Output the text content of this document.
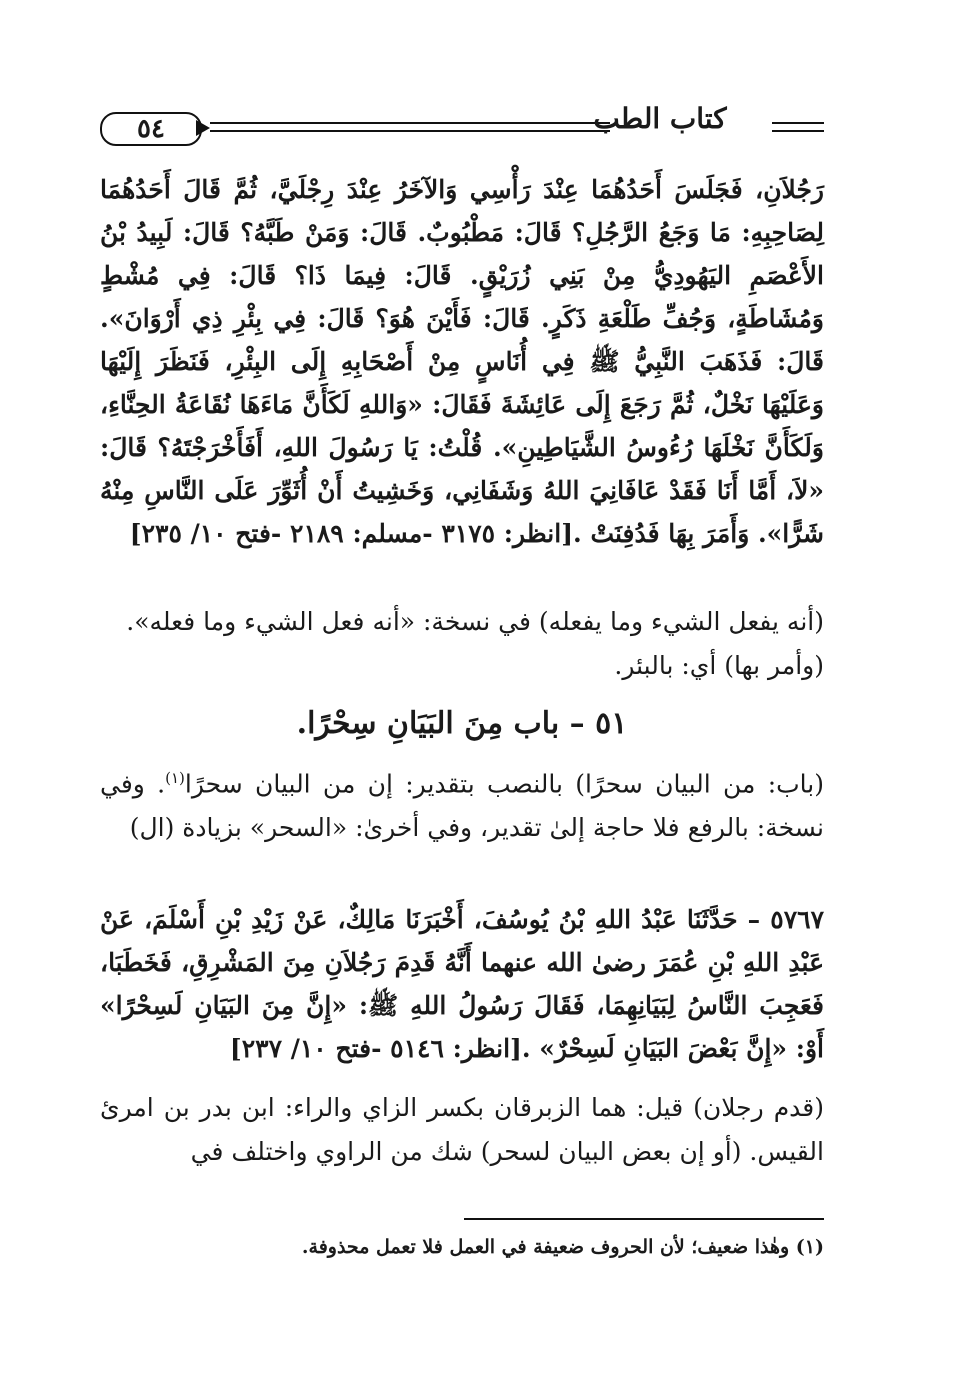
٥٤	كتاب الطب
رَجُلاَنِ، فَجَلَسَ أَحَدُهُمَا عِنْدَ رَأْسِي وَالآخَرُ عِنْدَ رِجْلَيَّ، ثُمَّ قَالَ أَحَدُهُمَا لِصَاحِبِهِ: مَا وَجَعُ الرَّجُلِ؟ قَالَ: مَطْبُوبٌ. قَالَ: وَمَنْ طَبَّهُ؟ قَالَ: لَبِيدُ بْنُ الأَعْصَمِ اليَهُودِيُّ مِنْ بَنِي زُرَيْقٍ. قَالَ: فِيمَا ذَا؟ قَالَ: فِي مُشْطٍ وَمُشَاطَةٍ، وَجُفِّ طَلْعَةِ ذَكَرٍ. قَالَ: فَأَيْنَ هُوَ؟ قَالَ: فِي بِئْرِ ذِي أَرْوَانَ». قَالَ: فَذَهَبَ النَّبِيُّ ﷺ فِي أُنَاسٍ مِنْ أَصْحَابِهِ إِلَى البِئْرِ، فَنَظَرَ إِلَيْهَا وَعَلَيْهَا نَخْلٌ، ثُمَّ رَجَعَ إِلَى عَائِشَةَ فَقَالَ: «وَاللهِ لَكَأَنَّ مَاءَهَا نُقَاعَةُ الحِنَّاءِ، وَلَكَأَنَّ نَخْلَهَا رُءُوسُ الشَّيَاطِينِ». قُلْتُ: يَا رَسُولَ اللهِ، أَفَأَخْرَجْتَهُ؟ قَالَ: «لاَ، أَمَّا أَنَا فَقَدْ عَافَانِيَ اللهُ وَشَفَانِي، وَخَشِيتُ أَنْ أُثَوِّرَ عَلَى النَّاسِ مِنْهُ شَرًّا». وَأَمَرَ بِهَا فَدُفِنَتْ .[انظر: ٣١٧٥ -مسلم: ٢١٨٩ -فتح ١٠/ ٢٣٥]
(أنه يفعل الشيء وما يفعله) في نسخة: «أنه فعل الشيء وما فعله».
(وأمر بها) أي: بالبئر.
٥١ – باب مِنَ البَيَانِ سِحْرًا.
(باب: من البيان سحرًا) بالنصب بتقدير: إن من البيان سحرًا$^{(١)}$. وفي نسخة: بالرفع فلا حاجة إلىٰ تقدير، وفي أخرىٰ: «السحر» بزيادة (ال)
٥٧٦٧ – حَدَّثَنَا عَبْدُ اللهِ بْنُ يُوسُفَ، أَخْبَرَنَا مَالِكٌ، عَنْ زَيْدِ بْنِ أَسْلَمَ، عَنْ عَبْدِ اللهِ بْنِ عُمَرَ رضىٰ الله عنهما أَنَّهُ قَدِمَ رَجُلاَنِ مِنَ المَشْرِقِ، فَخَطَبَا، فَعَجِبَ النَّاسُ لِبَيَانِهِمَا، فَقَالَ رَسُولُ اللهِ ﷺ: «إِنَّ مِنَ البَيَانِ لَسِحْرًا» أَوْ: «إِنَّ بَعْضَ البَيَانِ لَسِحْرٌ» .[انظر: ٥١٤٦ -فتح ١٠/ ٢٣٧]
(قدم رجلان) قيل: هما الزبرقان بكسر الزاي والراء: ابن بدر بن امرئ القيس. (أو إن بعض البيان لسحر) شك من الراوي واختلف في
(١) وهٰذا ضعيف؛ لأن الحروف ضعيفة في العمل فلا تعمل محذوفة.
